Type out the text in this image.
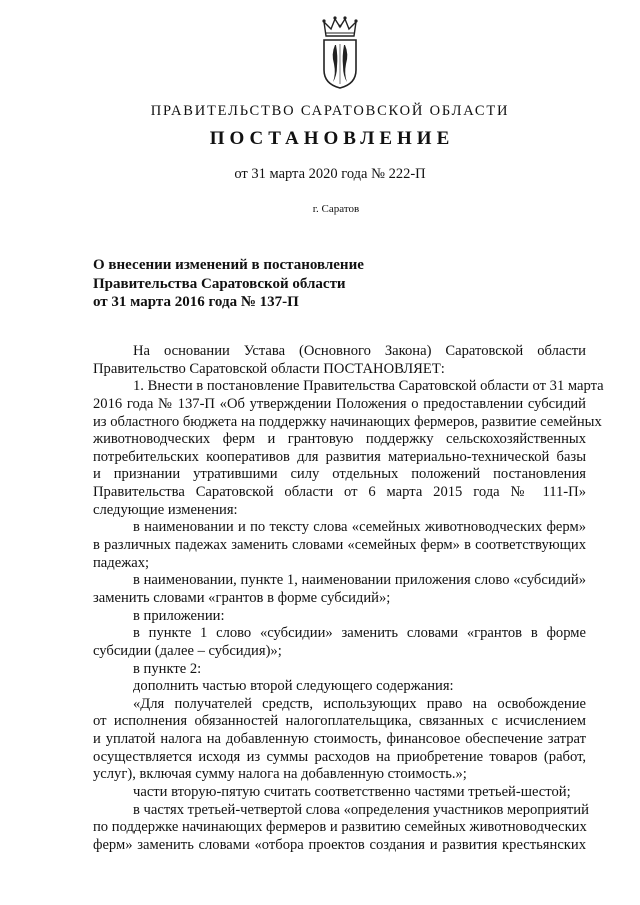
ПРАВИТЕЛЬСТВО САРАТОВСКОЙ ОБЛАСТИ
ПОСТАНОВЛЕНИЕ
от 31 марта 2020 года № 222-П
г. Саратов
О внесении изменений в постановление
Правительства Саратовской области
от 31 марта 2016 года № 137-П
На основании Устава (Основного Закона) Саратовской области
Правительство Саратовской области ПОСТАНОВЛЯЕТ:
1. Внести в постановление Правительства Саратовской области от 31 марта
2016 года № 137-П «Об утверждении Положения о предоставлении субсидий
из областного бюджета на поддержку начинающих фермеров, развитие семейных
животноводческих ферм и грантовую поддержку сельскохозяйственных
потребительских кооперативов для развития материально-технической базы
и признании утратившими силу отдельных положений постановления
Правительства Саратовской области от 6 марта 2015 года № 111-П»
следующие изменения:
в наименовании и по тексту слова «семейных животноводческих ферм»
в различных падежах заменить словами «семейных ферм» в соответствующих
падежах;
в наименовании, пункте 1, наименовании приложения слово «субсидий»
заменить словами «грантов в форме субсидий»;
в приложении:
в пункте 1 слово «субсидии» заменить словами «грантов в форме
субсидии (далее – субсидия)»;
в пункте 2:
дополнить частью второй следующего содержания:
«Для получателей средств, использующих право на освобождение
от исполнения обязанностей налогоплательщика, связанных с исчислением
и уплатой налога на добавленную стоимость, финансовое обеспечение затрат
осуществляется исходя из суммы расходов на приобретение товаров (работ,
услуг), включая сумму налога на добавленную стоимость.»;
части вторую-пятую считать соответственно частями третьей-шестой;
в частях третьей-четвертой слова «определения участников мероприятий
по поддержке начинающих фермеров и развитию семейных животноводческих
ферм» заменить словами «отбора проектов создания и развития крестьянских
